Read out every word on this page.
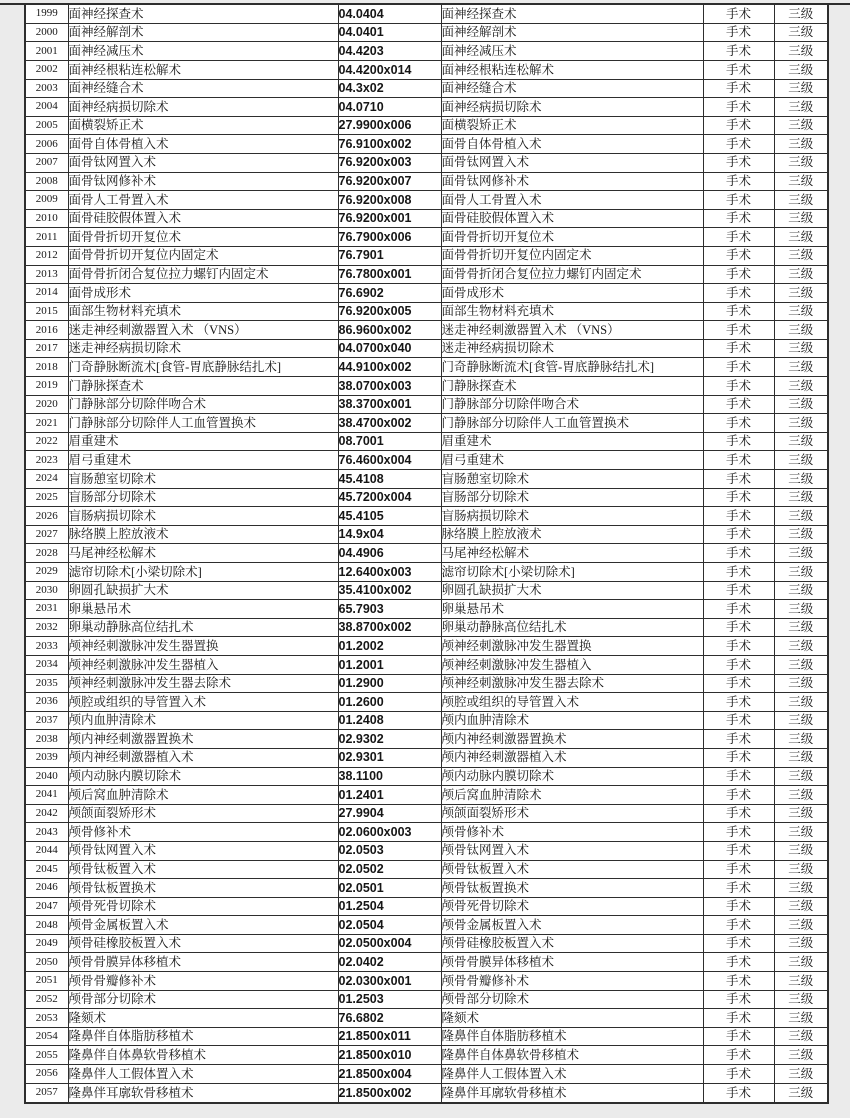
1999	面神经探查术	04.0404	面神经探查术	手术	三级
2000	面神经解剖术	04.0401	面神经解剖术	手术	三级
2001	面神经减压术	04.4203	面神经减压术	手术	三级
2002	面神经根粘连松解术	04.4200x014	面神经根粘连松解术	手术	三级
2003	面神经缝合术	04.3x02	面神经缝合术	手术	三级
2004	面神经病损切除术	04.0710	面神经病损切除术	手术	三级
2005	面横裂矫正术	27.9900x006	面横裂矫正术	手术	三级
2006	面骨自体骨植入术	76.9100x002	面骨自体骨植入术	手术	三级
2007	面骨钛网置入术	76.9200x003	面骨钛网置入术	手术	三级
2008	面骨钛网修补术	76.9200x007	面骨钛网修补术	手术	三级
2009	面骨人工骨置入术	76.9200x008	面骨人工骨置入术	手术	三级
2010	面骨硅胶假体置入术	76.9200x001	面骨硅胶假体置入术	手术	三级
2011	面骨骨折切开复位术	76.7900x006	面骨骨折切开复位术	手术	三级
2012	面骨骨折切开复位内固定术	76.7901	面骨骨折切开复位内固定术	手术	三级
2013	面骨骨折闭合复位拉力螺钉内固定术	76.7800x001	面骨骨折闭合复位拉力螺钉内固定术	手术	三级
2014	面骨成形术	76.6902	面骨成形术	手术	三级
2015	面部生物材料充填术	76.9200x005	面部生物材料充填术	手术	三级
2016	迷走神经刺激器置入术 （VNS）	86.9600x002	迷走神经刺激器置入术 （VNS）	手术	三级
2017	迷走神经病损切除术	04.0700x040	迷走神经病损切除术	手术	三级
2018	门奇静脉断流术[食管-胃底静脉结扎术]	44.9100x002	门奇静脉断流术[食管-胃底静脉结扎术]	手术	三级
2019	门静脉探查术	38.0700x003	门静脉探查术	手术	三级
2020	门静脉部分切除伴吻合术	38.3700x001	门静脉部分切除伴吻合术	手术	三级
2021	门静脉部分切除伴人工血管置换术	38.4700x002	门静脉部分切除伴人工血管置换术	手术	三级
2022	眉重建术	08.7001	眉重建术	手术	三级
2023	眉弓重建术	76.4600x004	眉弓重建术	手术	三级
2024	盲肠憩室切除术	45.4108	盲肠憩室切除术	手术	三级
2025	盲肠部分切除术	45.7200x004	盲肠部分切除术	手术	三级
2026	盲肠病损切除术	45.4105	盲肠病损切除术	手术	三级
2027	脉络膜上腔放液术	14.9x04	脉络膜上腔放液术	手术	三级
2028	马尾神经松解术	04.4906	马尾神经松解术	手术	三级
2029	滤帘切除术[小梁切除术]	12.6400x003	滤帘切除术[小梁切除术]	手术	三级
2030	卵圆孔缺损扩大术	35.4100x002	卵圆孔缺损扩大术	手术	三级
2031	卵巢悬吊术	65.7903	卵巢悬吊术	手术	三级
2032	卵巢动静脉高位结扎术	38.8700x002	卵巢动静脉高位结扎术	手术	三级
2033	颅神经刺激脉冲发生器置换	01.2002	颅神经刺激脉冲发生器置换	手术	三级
2034	颅神经刺激脉冲发生器植入	01.2001	颅神经刺激脉冲发生器植入	手术	三级
2035	颅神经刺激脉冲发生器去除术	01.2900	颅神经刺激脉冲发生器去除术	手术	三级
2036	颅腔或组织的导管置入术	01.2600	颅腔或组织的导管置入术	手术	三级
2037	颅内血肿清除术	01.2408	颅内血肿清除术	手术	三级
2038	颅内神经刺激器置换术	02.9302	颅内神经刺激器置换术	手术	三级
2039	颅内神经刺激器植入术	02.9301	颅内神经刺激器植入术	手术	三级
2040	颅内动脉内膜切除术	38.1100	颅内动脉内膜切除术	手术	三级
2041	颅后窝血肿清除术	01.2401	颅后窝血肿清除术	手术	三级
2042	颅颌面裂矫形术	27.9904	颅颌面裂矫形术	手术	三级
2043	颅骨修补术	02.0600x003	颅骨修补术	手术	三级
2044	颅骨钛网置入术	02.0503	颅骨钛网置入术	手术	三级
2045	颅骨钛板置入术	02.0502	颅骨钛板置入术	手术	三级
2046	颅骨钛板置换术	02.0501	颅骨钛板置换术	手术	三级
2047	颅骨死骨切除术	01.2504	颅骨死骨切除术	手术	三级
2048	颅骨金属板置入术	02.0504	颅骨金属板置入术	手术	三级
2049	颅骨硅橡胶板置入术	02.0500x004	颅骨硅橡胶板置入术	手术	三级
2050	颅骨骨膜异体移植术	02.0402	颅骨骨膜异体移植术	手术	三级
2051	颅骨骨瓣修补术	02.0300x001	颅骨骨瓣修补术	手术	三级
2052	颅骨部分切除术	01.2503	颅骨部分切除术	手术	三级
2053	隆颏术	76.6802	隆颏术	手术	三级
2054	隆鼻伴自体脂肪移植术	21.8500x011	隆鼻伴自体脂肪移植术	手术	三级
2055	隆鼻伴自体鼻软骨移植术	21.8500x010	隆鼻伴自体鼻软骨移植术	手术	三级
2056	隆鼻伴人工假体置入术	21.8500x004	隆鼻伴人工假体置入术	手术	三级
2057	隆鼻伴耳廓软骨移植术	21.8500x002	隆鼻伴耳廓软骨移植术	手术	三级
